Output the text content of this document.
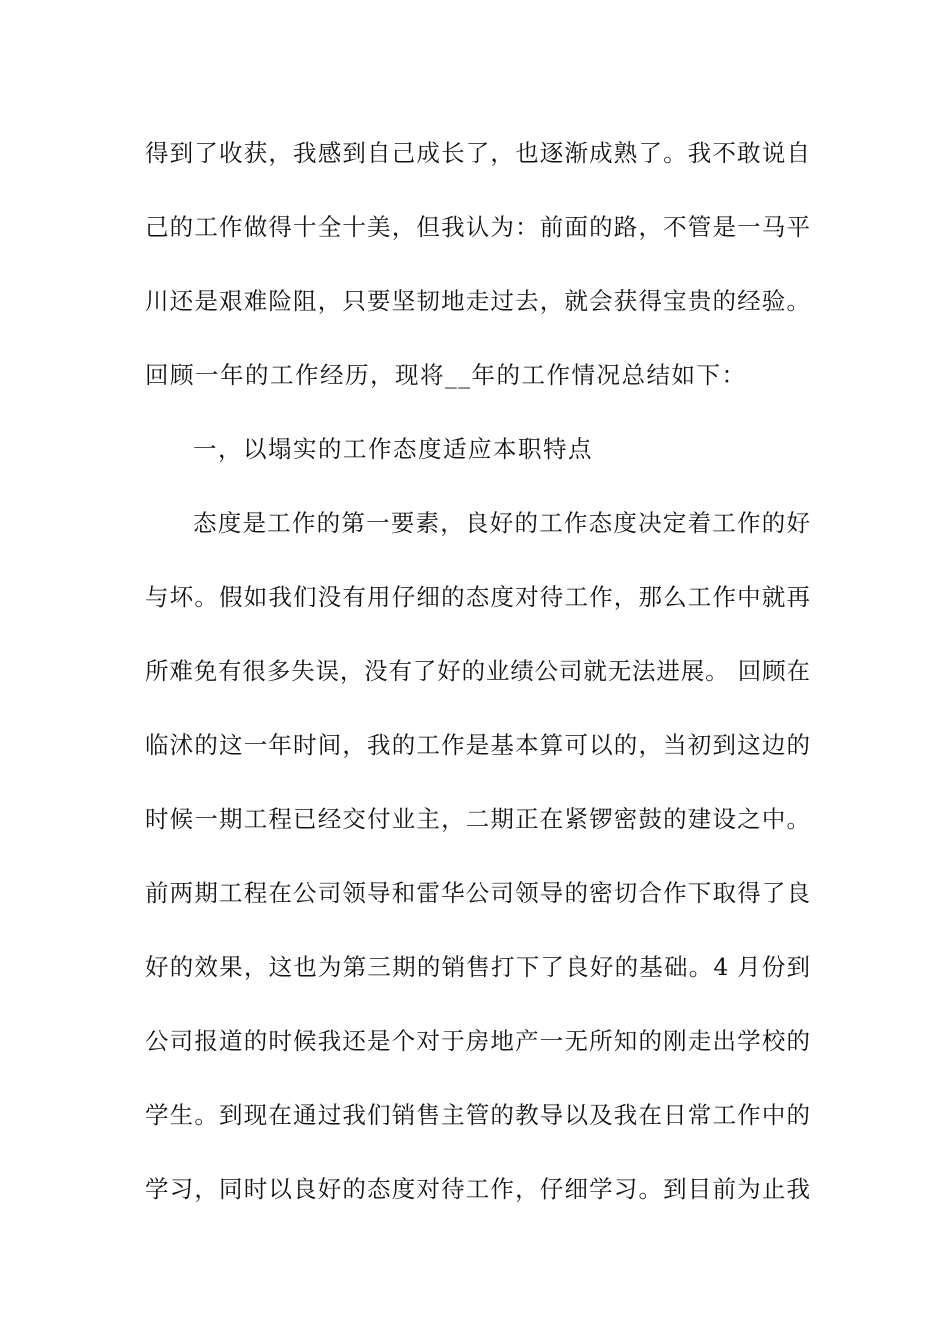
得到了收获，我感到自己成长了，也逐渐成熟了。我不敢说自
己的工作做得十全十美，但我认为：前面的路，不管是一马平
川还是艰难险阻，只要坚韧地走过去，就会获得宝贵的经验。
回顾一年的工作经历，现将__年的工作情况总结如下：
一，以塌实的工作态度适应本职特点
态度是工作的第一要素，良好的工作态度决定着工作的好
与坏。假如我们没有用仔细的态度对待工作，那么工作中就再
所难免有很多失误，没有了好的业绩公司就无法进展。 回顾在
临沭的这一年时间，我的工作是基本算可以的，当初到这边的
时候一期工程已经交付业主，二期正在紧锣密鼓的建设之中。
前两期工程在公司领导和雷华公司领导的密切合作下取得了良
好的效果，这也为第三期的销售打下了良好的基础。4 月份到
公司报道的时候我还是个对于房地产一无所知的刚走出学校的
学生。到现在通过我们销售主管的教导以及我在日常工作中的
学习，同时以良好的态度对待工作，仔细学习。到目前为止我
